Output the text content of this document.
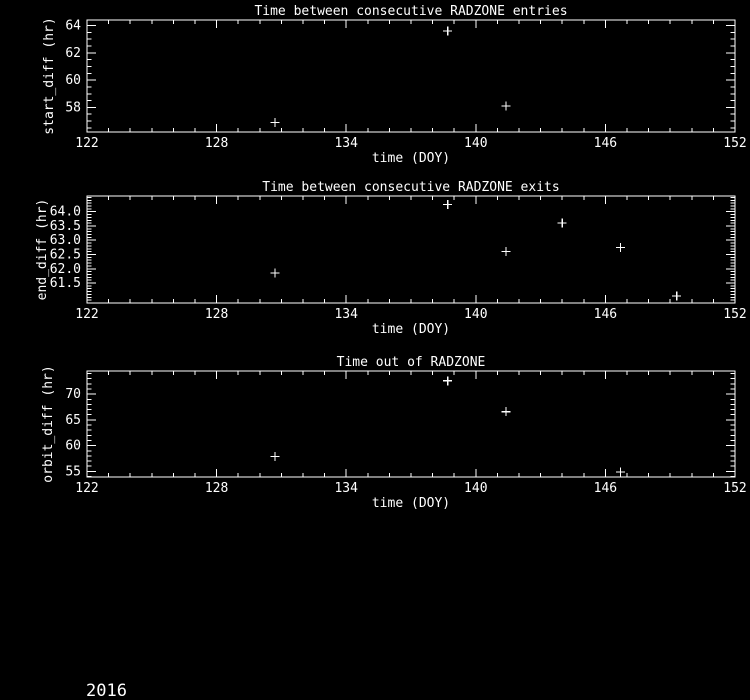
122	128	134	140	146	152
58
60
62
64
Time between consecutive RADZONE entries
time (DOY)
start_diff (hr)
122	128	134	140	146	152
61.5
62.0
62.5
63.0
63.5
64.0
Time between consecutive RADZONE exits
time (DOY)
end_diff (hr)
122	128	134	140	146	152
55
60
65
70
Time out of RADZONE
time (DOY)
orbit_diff (hr)
2016
